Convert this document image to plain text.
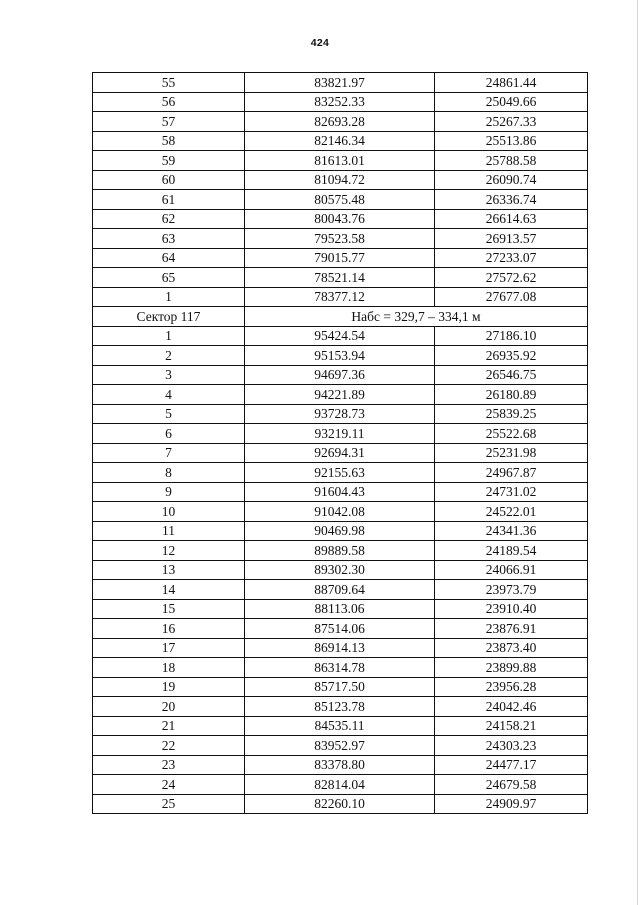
424
55	83821.97	24861.44
56	83252.33	25049.66
57	82693.28	25267.33
58	82146.34	25513.86
59	81613.01	25788.58
60	81094.72	26090.74
61	80575.48	26336.74
62	80043.76	26614.63
63	79523.58	26913.57
64	79015.77	27233.07
65	78521.14	27572.62
1	78377.12	27677.08
Сектор 117	Набс = 329,7 – 334,1 м	
1	95424.54	27186.10
2	95153.94	26935.92
3	94697.36	26546.75
4	94221.89	26180.89
5	93728.73	25839.25
6	93219.11	25522.68
7	92694.31	25231.98
8	92155.63	24967.87
9	91604.43	24731.02
10	91042.08	24522.01
11	90469.98	24341.36
12	89889.58	24189.54
13	89302.30	24066.91
14	88709.64	23973.79
15	88113.06	23910.40
16	87514.06	23876.91
17	86914.13	23873.40
18	86314.78	23899.88
19	85717.50	23956.28
20	85123.78	24042.46
21	84535.11	24158.21
22	83952.97	24303.23
23	83378.80	24477.17
24	82814.04	24679.58
25	82260.10	24909.97
